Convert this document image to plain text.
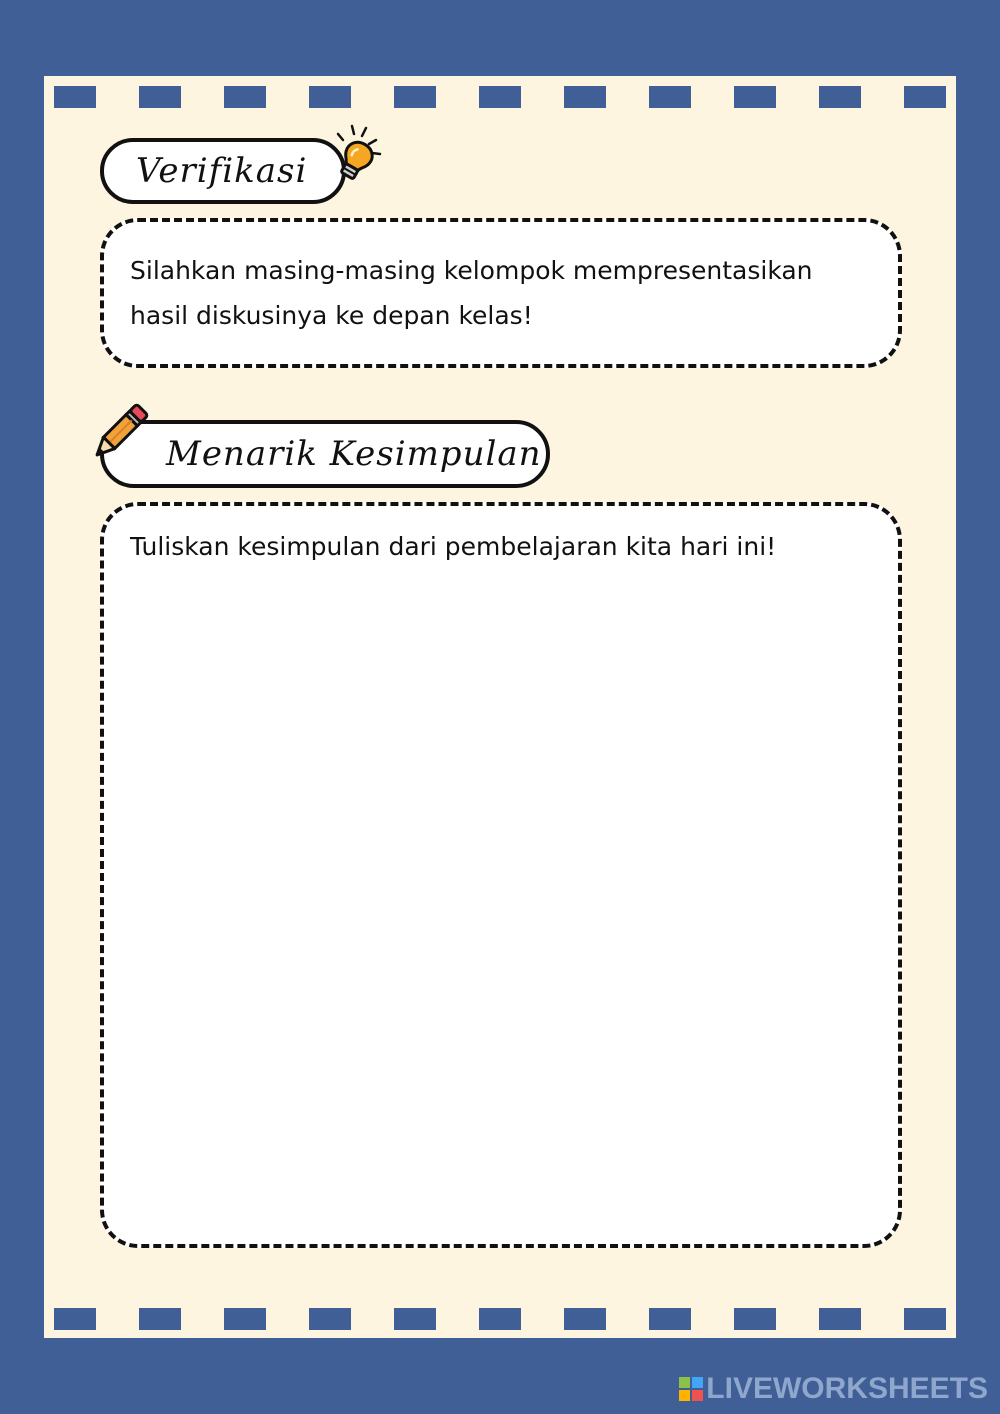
Verifikasi
Silahkan masing-masing kelompok mempresentasikan
hasil diskusinya ke depan kelas!
Menarik Kesimpulan
Tuliskan kesimpulan dari pembelajaran kita hari ini!
LIVEWORKSHEETS
